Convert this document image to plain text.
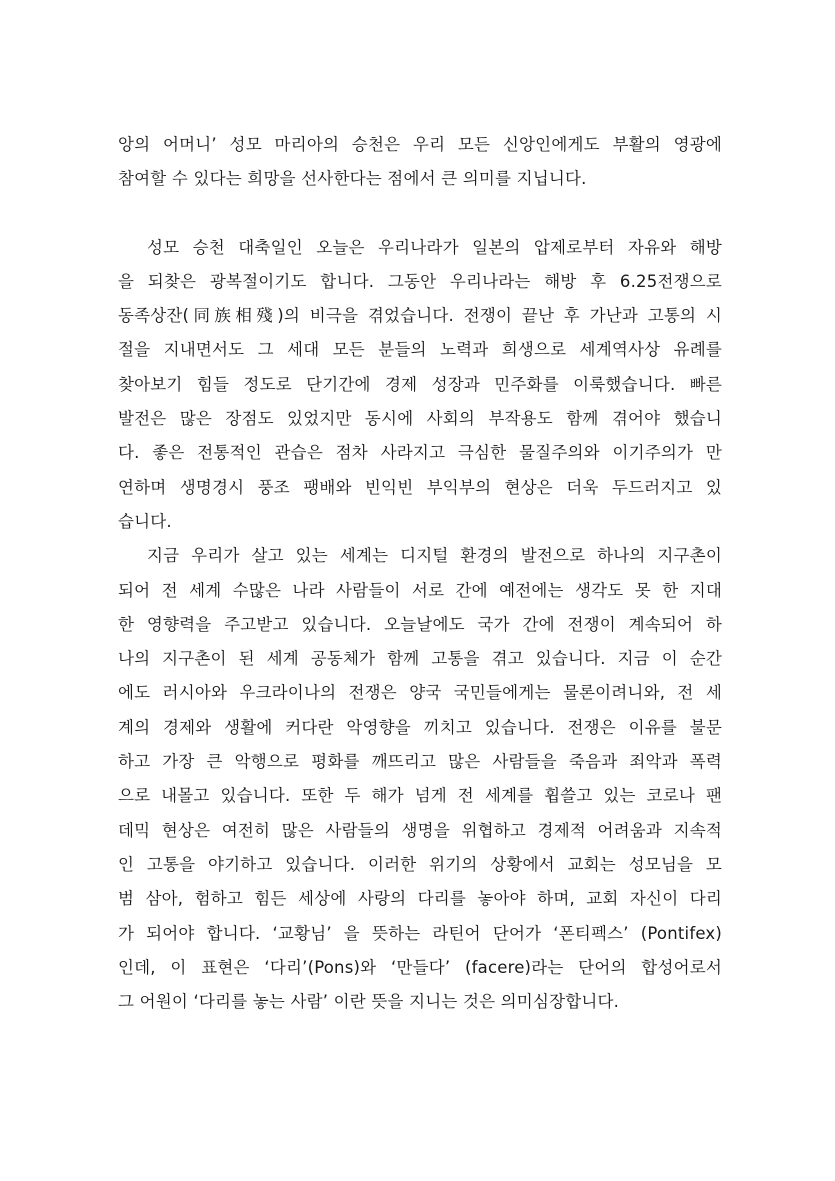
앙의 어머니’ 성모 마리아의 승천은 우리 모든 신앙인에게도 부활의 영광에
참여할 수 있다는 희망을 선사한다는 점에서 큰 의미를 지닙니다.
성모 승천 대축일인 오늘은 우리나라가 일본의 압제로부터 자유와 해방
을 되찾은 광복절이기도 합니다. 그동안 우리나라는 해방 후 6.25전쟁으로
동족상잔(同族相殘)의 비극을 겪었습니다. 전쟁이 끝난 후 가난과 고통의 시
절을 지내면서도 그 세대 모든 분들의 노력과 희생으로 세계역사상 유례를
찾아보기 힘들 정도로 단기간에 경제 성장과 민주화를 이룩했습니다. 빠른
발전은 많은 장점도 있었지만 동시에 사회의 부작용도 함께 겪어야 했습니
다. 좋은 전통적인 관습은 점차 사라지고 극심한 물질주의와 이기주의가 만
연하며 생명경시 풍조 팽배와 빈익빈 부익부의 현상은 더욱 두드러지고 있
습니다.
지금 우리가 살고 있는 세계는 디지털 환경의 발전으로 하나의 지구촌이
되어 전 세계 수많은 나라 사람들이 서로 간에 예전에는 생각도 못 한 지대
한 영향력을 주고받고 있습니다. 오늘날에도 국가 간에 전쟁이 계속되어 하
나의 지구촌이 된 세계 공동체가 함께 고통을 겪고 있습니다. 지금 이 순간
에도 러시아와 우크라이나의 전쟁은 양국 국민들에게는 물론이려니와, 전 세
계의 경제와 생활에 커다란 악영향을 끼치고 있습니다. 전쟁은 이유를 불문
하고 가장 큰 악행으로 평화를 깨뜨리고 많은 사람들을 죽음과 죄악과 폭력
으로 내몰고 있습니다. 또한 두 해가 넘게 전 세계를 휩쓸고 있는 코로나 팬
데믹 현상은 여전히 많은 사람들의 생명을 위협하고 경제적 어려움과 지속적
인 고통을 야기하고 있습니다. 이러한 위기의 상황에서 교회는 성모님을 모
범 삼아, 험하고 힘든 세상에 사랑의 다리를 놓아야 하며, 교회 자신이 다리
가 되어야 합니다. ‘교황님’ 을 뜻하는 라틴어 단어가 ‘폰티펙스’ (Pontifex)
인데, 이 표현은 ‘다리’(Pons)와 ‘만들다’ (facere)라는 단어의 합성어로서
그 어원이 ‘다리를 놓는 사람’ 이란 뜻을 지니는 것은 의미심장합니다.
